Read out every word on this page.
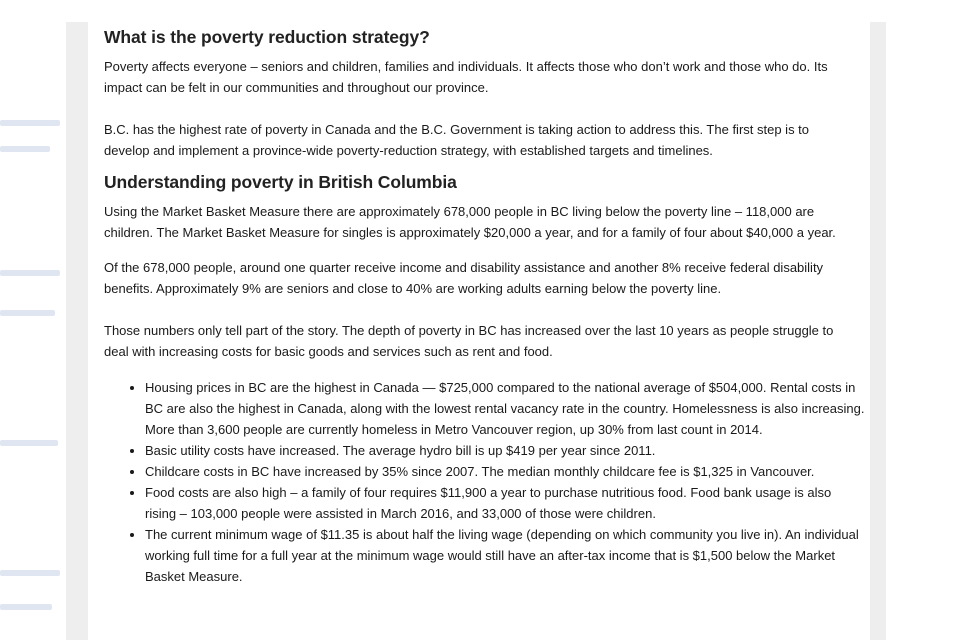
What is the poverty reduction strategy?

Poverty affects everyone – seniors and children, families and individuals. It affects those who don’t work and those who do. Its impact can be felt in our communities and throughout our province.

B.C. has the highest rate of poverty in Canada and the B.C. Government is taking action to address this. The first step is to develop and implement a province-wide poverty-reduction strategy, with established targets and timelines.

Understanding poverty in British Columbia

Using the Market Basket Measure there are approximately 678,000 people in BC living below the poverty line – 118,000 are children. The Market Basket Measure for singles is approximately $20,000 a year, and for a family of four about $40,000 a year.

Of the 678,000 people, around one quarter receive income and disability assistance and another 8% receive federal disability benefits. Approximately 9% are seniors and close to 40% are working adults earning below the poverty line.

Those numbers only tell part of the story. The depth of poverty in BC has increased over the last 10 years as people struggle to deal with increasing costs for basic goods and services such as rent and food.

• Housing prices in BC are the highest in Canada — $725,000 compared to the national average of $504,000. Rental costs in BC are also the highest in Canada, along with the lowest rental vacancy rate in the country. Homelessness is also increasing. More than 3,600 people are currently homeless in Metro Vancouver region, up 30% from last count in 2014.
• Basic utility costs have increased. The average hydro bill is up $419 per year since 2011.
• Childcare costs in BC have increased by 35% since 2007. The median monthly childcare fee is $1,325 in Vancouver.
• Food costs are also high – a family of four requires $11,900 a year to purchase nutritious food. Food bank usage is also rising – 103,000 people were assisted in March 2016, and 33,000 of those were children.
• The current minimum wage of $11.35 is about half the living wage (depending on which community you live in). An individual working full time for a full year at the minimum wage would still have an after-tax income that is $1,500 below the Market Basket Measure.
